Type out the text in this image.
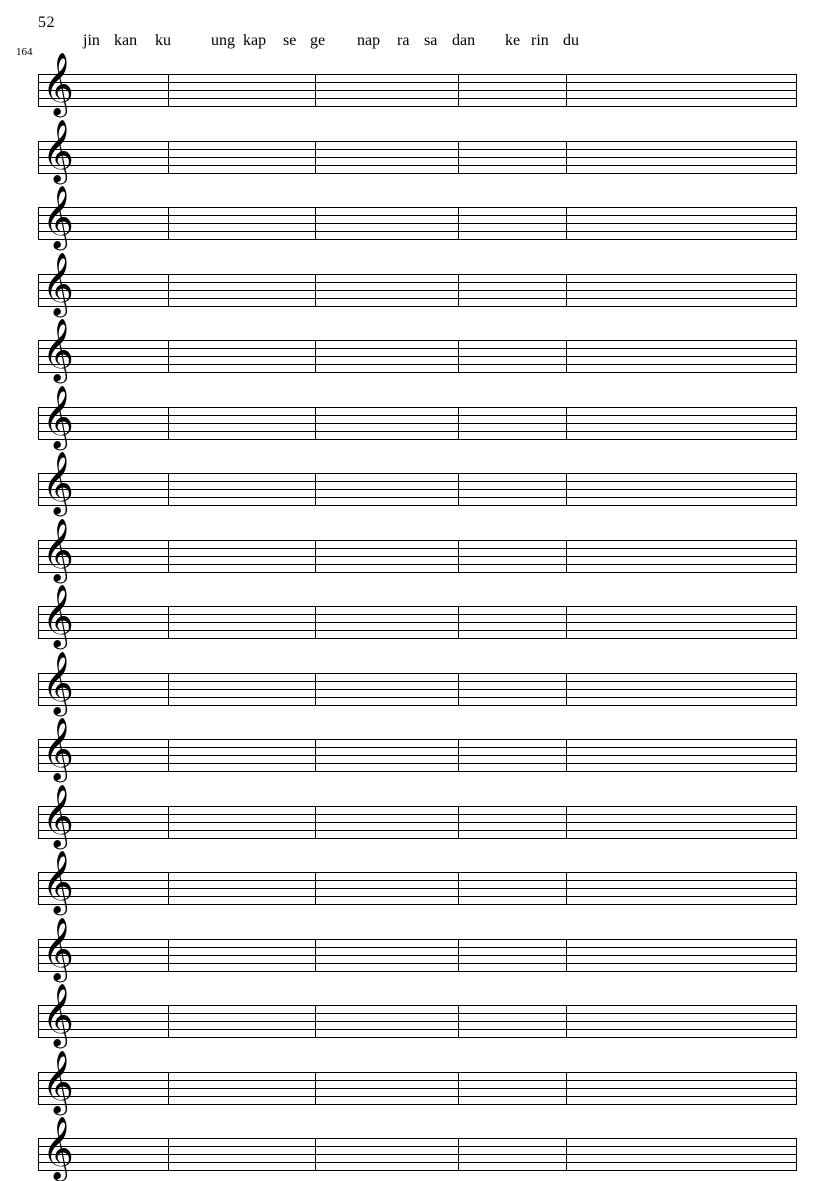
52
jin kan ku	ung kap se ge nap ra sa dan ke rin du
164 𝄞
𝄞
𝄞
𝄞
𝄞
𝄞
𝄞
𝄞
𝄞
𝄞
𝄞
𝄞
𝄞
𝄞
𝄞
𝄞
𝄞
